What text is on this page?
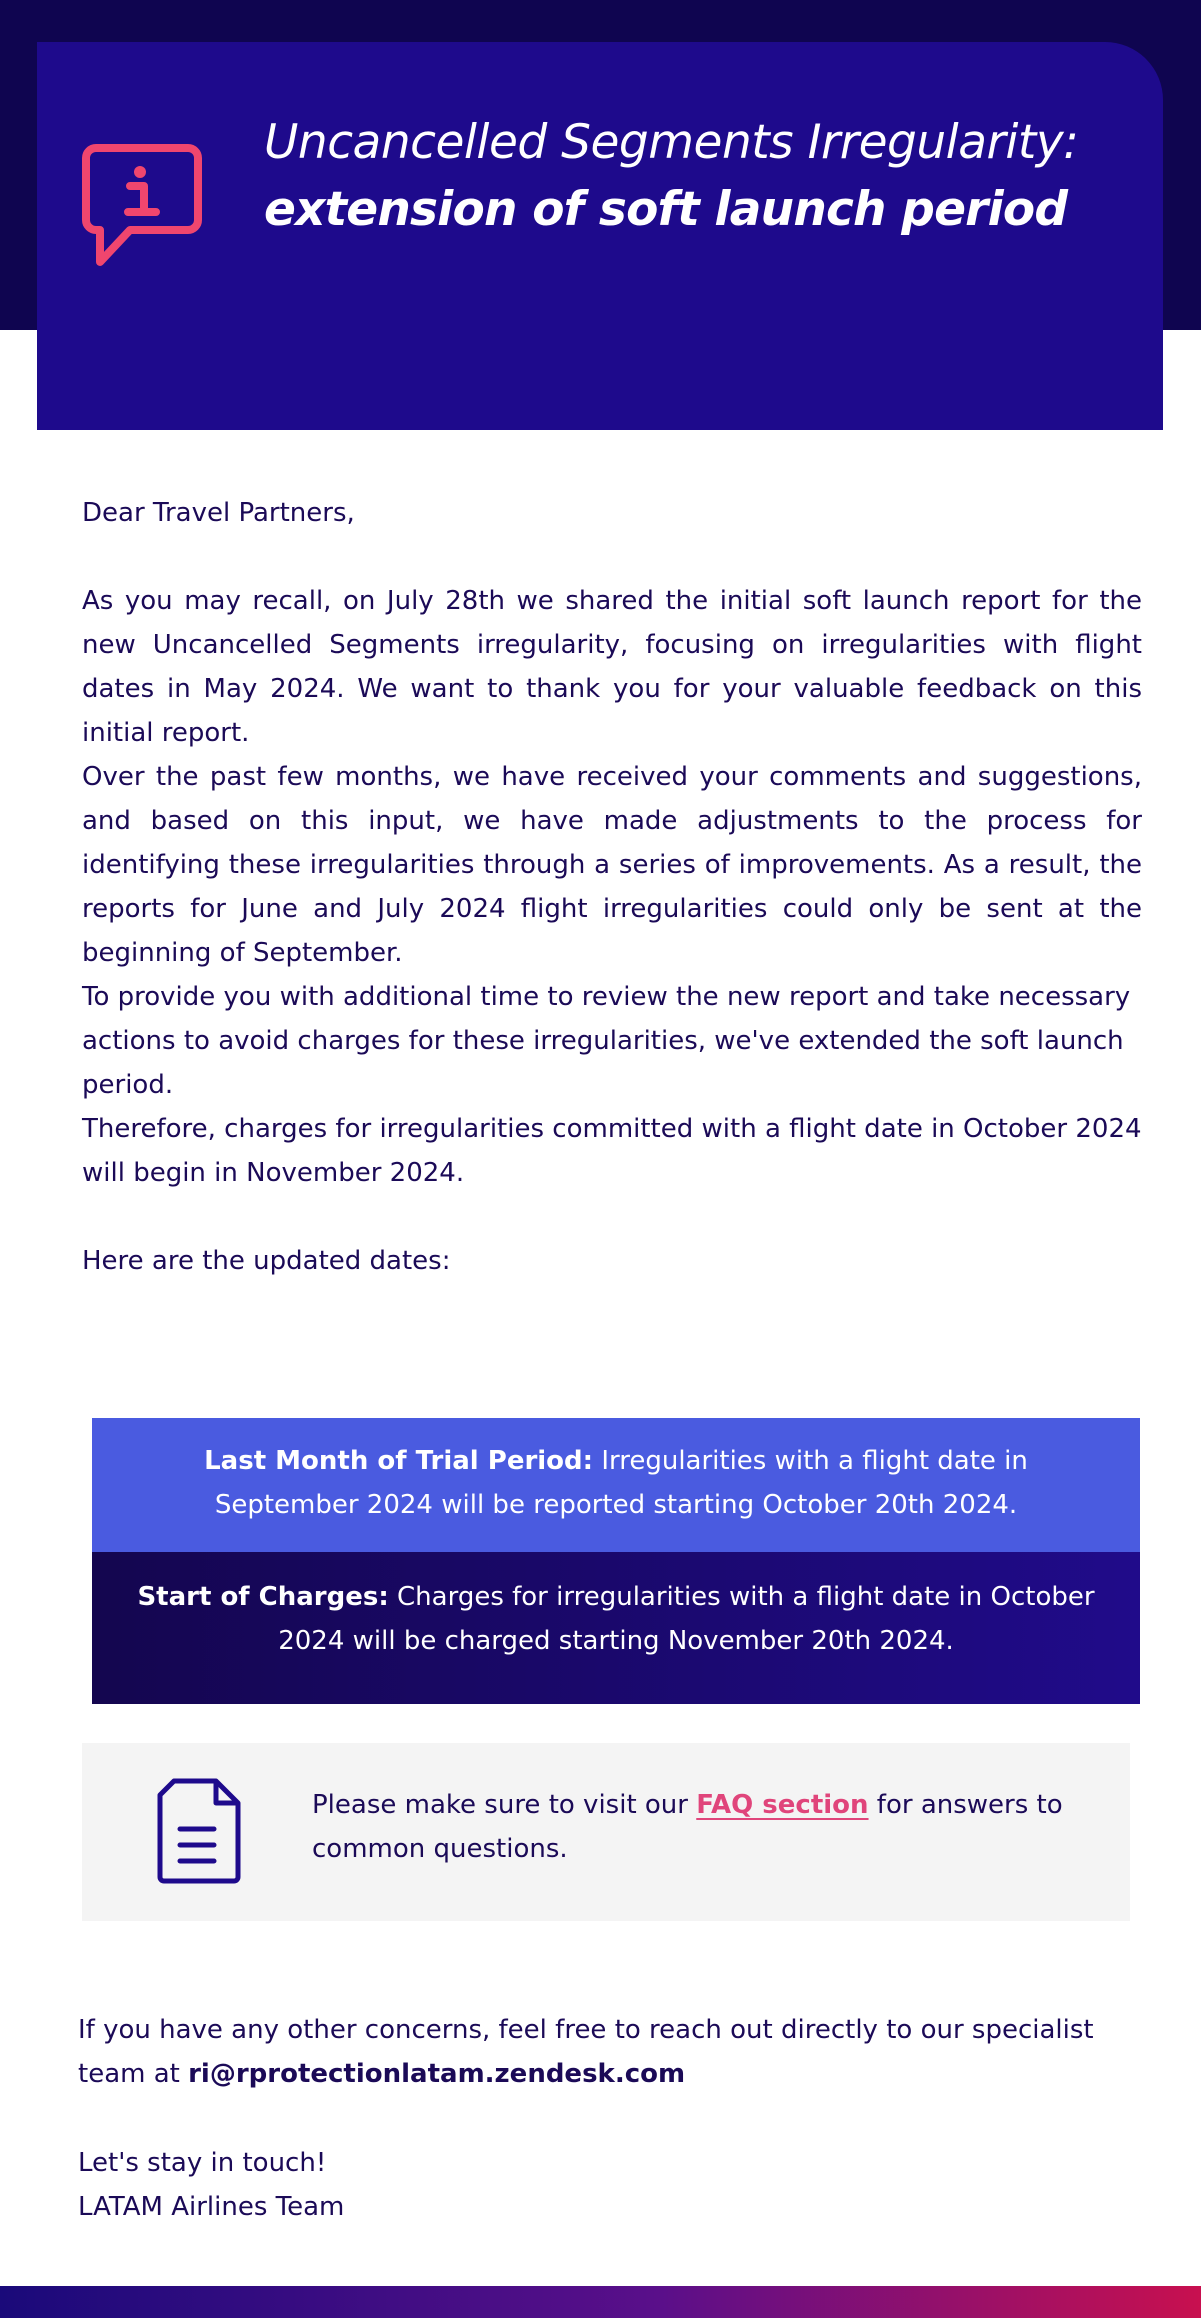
Uncancelled Segments Irregularity:
extension of soft launch period
Dear Travel Partners,
As you may recall, on July 28th we shared the initial soft launch report for the new Uncancelled Segments irregularity, focusing on irregularities with flight dates in May 2024. We want to thank you for your valuable feedback on this initial report.
Over the past few months, we have received your comments and suggestions, and based on this input, we have made adjustments to the process for identifying these irregularities through a series of improvements. As a result, the reports for June and July 2024 flight irregularities could only be sent at the beginning of September.
To provide you with additional time to review the new report and take necessary actions to avoid charges for these irregularities, we've extended the soft launch period.
Therefore, charges for irregularities committed with a flight date in October 2024 will begin in November 2024.
Here are the updated dates:
Last Month of Trial Period: Irregularities with a flight date in September 2024 will be reported starting October 20th 2024.
Start of Charges: Charges for irregularities with a flight date in October 2024 will be charged starting November 20th 2024.
Please make sure to visit our FAQ section for answers to common questions.
If you have any other concerns, feel free to reach out directly to our specialist team at ri@rprotectionlatam.zendesk.com
Let's stay in touch!
LATAM Airlines Team
